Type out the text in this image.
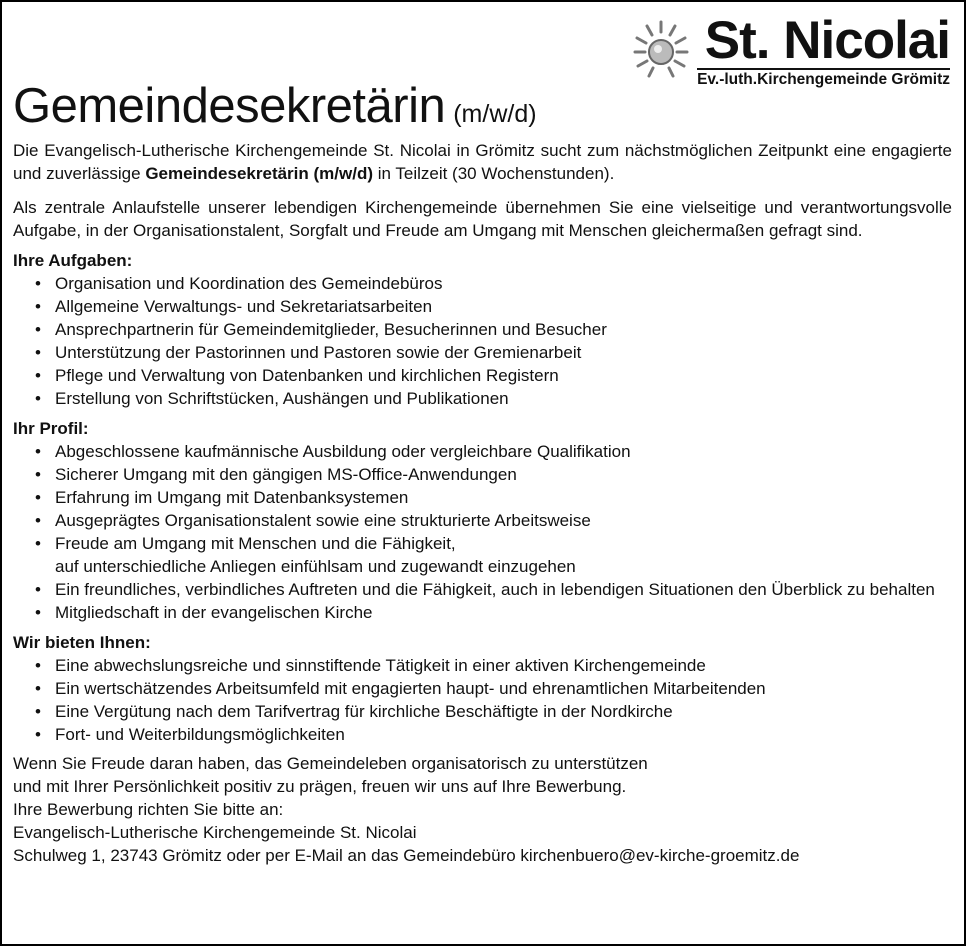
St. Nicolai
Ev.-luth.Kirchengemeinde Grömitz
Gemeindesekretärin (m/w/d)

Die Evangelisch-Lutherische Kirchengemeinde St. Nicolai in Grömitz sucht zum nächstmöglichen Zeitpunkt eine engagierte und zuverlässige Gemeindesekretärin (m/w/d) in Teilzeit (30 Wochenstunden).

Als zentrale Anlaufstelle unserer lebendigen Kirchengemeinde übernehmen Sie eine vielseitige und verantwortungsvolle Aufgabe, in der Organisationstalent, Sorgfalt und Freude am Umgang mit Menschen gleichermaßen gefragt sind.

Ihre Aufgaben:
• Organisation und Koordination des Gemeindebüros
• Allgemeine Verwaltungs- und Sekretariatsarbeiten
• Ansprechpartnerin für Gemeindemitglieder, Besucherinnen und Besucher
• Unterstützung der Pastorinnen und Pastoren sowie der Gremienarbeit
• Pflege und Verwaltung von Datenbanken und kirchlichen Registern
• Erstellung von Schriftstücken, Aushängen und Publikationen
Ihr Profil:
• Abgeschlossene kaufmännische Ausbildung oder vergleichbare Qualifikation
• Sicherer Umgang mit den gängigen MS-Office-Anwendungen
• Erfahrung im Umgang mit Datenbanksystemen
• Ausgeprägtes Organisationstalent sowie eine strukturierte Arbeitsweise
• Freude am Umgang mit Menschen und die Fähigkeit,
auf unterschiedliche Anliegen einfühlsam und zugewandt einzugehen
• Ein freundliches, verbindliches Auftreten und die Fähigkeit, auch in lebendigen Situationen den Überblick zu behalten
• Mitgliedschaft in der evangelischen Kirche
Wir bieten Ihnen:
• Eine abwechslungsreiche und sinnstiftende Tätigkeit in einer aktiven Kirchengemeinde
• Ein wertschätzendes Arbeitsumfeld mit engagierten haupt- und ehrenamtlichen Mitarbeitenden
• Eine Vergütung nach dem Tarifvertrag für kirchliche Beschäftigte in der Nordkirche
• Fort- und Weiterbildungsmöglichkeiten
Wenn Sie Freude daran haben, das Gemeindeleben organisatorisch zu unterstützen
und mit Ihrer Persönlichkeit positiv zu prägen, freuen wir uns auf Ihre Bewerbung.
Ihre Bewerbung richten Sie bitte an:
Evangelisch-Lutherische Kirchengemeinde St. Nicolai
Schulweg 1, 23743 Grömitz oder per E-Mail an das Gemeindebüro kirchenbuero@ev-kirche-groemitz.de
